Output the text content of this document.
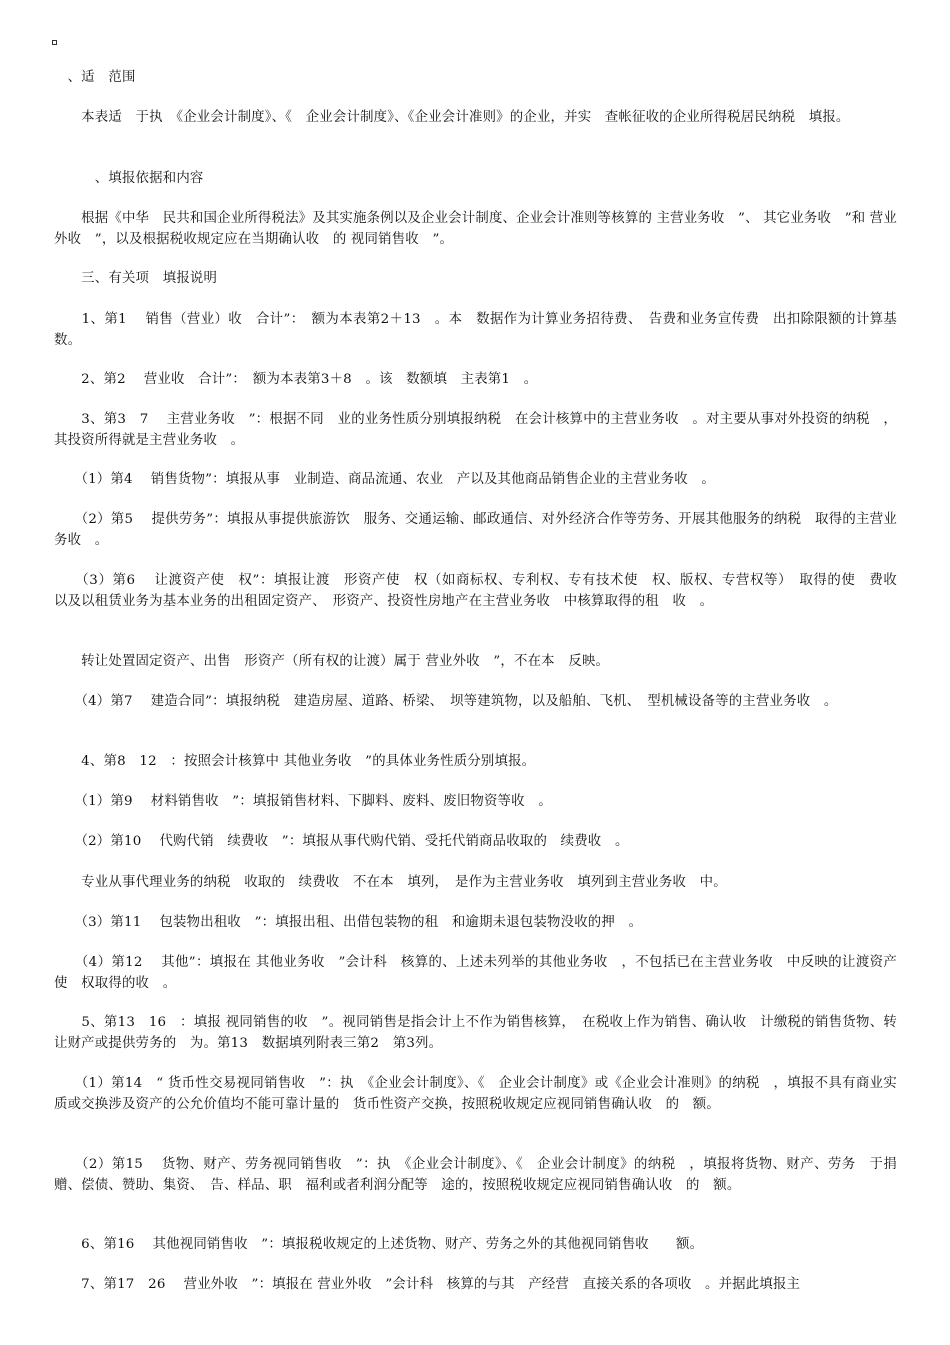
　、适　范围

　　本表适　于执　《企业会计制度》、《　企业会计制度》、《企业会计准则》的企业，并实　查帐征收的企业所得税居民纳税　填报。

　　　、填报依据和内容

　　根据《中华　民共和国企业所得税法》及其实施条例以及企业会计制度、企业会计准则等核算的 主营业务收　”、 其它业务收　”和 营业外收　”，以及根据税收规定应在当期确认收　的 视同销售收　”。

　　三、有关项　填报说明

　　1、第1　 销售（营业）收　合计”：　额为本表第2＋13　。本　数据作为计算业务招待费、　告费和业务宣传费　出扣除限额的计算基数。

　　2、第2　 营业收　合计”：　额为本表第3＋8　。该　数额填　主表第1　。

　　3、第3　7　 主营业务收　”：根据不同　业的业务性质分别填报纳税　在会计核算中的主营业务收　。对主要从事对外投资的纳税　，其投资所得就是主营业务收　。

　　（1）第4　 销售货物”：填报从事　业制造、商品流通、农业　产以及其他商品销售企业的主营业务收　。

　　（2）第5　 提供劳务”：填报从事提供旅游饮　服务、交通运输、邮政通信、对外经济合作等劳务、开展其他服务的纳税　取得的主营业务收　。

　　（3）第6　 让渡资产使　权”：填报让渡　形资产使　权（如商标权、专利权、专有技术使　权、版权、专营权等）　取得的使　费收　以及以租赁业务为基本业务的出租固定资产、　形资产、投资性房地产在主营业务收　中核算取得的租　收　。

　　转让处置固定资产、出售　形资产（所有权的让渡）属于 营业外收　”，不在本　反映。

　　（4）第7　 建造合同”：填报纳税　建造房屋、道路、桥梁、　坝等建筑物，以及船舶、飞机、　型机械设备等的主营业务收　。

　　4、第8　12　：按照会计核算中 其他业务收　”的具体业务性质分别填报。

　　（1）第9　 材料销售收　”：填报销售材料、下脚料、废料、废旧物资等收　。

　　（2）第10　 代购代销　续费收　”：填报从事代购代销、受托代销商品收取的　续费收　。

　　专业从事代理业务的纳税　收取的　续费收　不在本　填列，　是作为主营业务收　填列到主营业务收　中。

　　（3）第11　 包装物出租收　”：填报出租、出借包装物的租　和逾期未退包装物没收的押　。

　　（4）第12　 其他”：填报在 其他业务收　”会计科　核算的、上述未列举的其他业务收　，不包括已在主营业务收　中反映的让渡资产使　权取得的收　。

　　5、第13　16　：填报 视同销售的收　”。视同销售是指会计上不作为销售核算，　在税收上作为销售、确认收　计缴税的销售货物、转让财产或提供劳务的　为。第13　数据填列附表三第2　第3列。

　　（1）第14　“ 货币性交易视同销售收　”：执　《企业会计制度》、《　企业会计制度》或《企业会计准则》的纳税　，填报不具有商业实质或交换涉及资产的公允价值均不能可靠计量的　货币性资产交换，按照税收规定应视同销售确认收　的　额。

　　（2）第15　 货物、财产、劳务视同销售收　”：执　《企业会计制度》、《　企业会计制度》的纳税　，填报将货物、财产、劳务　于捐赠、偿债、赞助、集资、　告、样品、职　福利或者利润分配等　途的，按照税收规定应视同销售确认收　的　额。

　　6、第16　 其他视同销售收　”：填报税收规定的上述货物、财产、劳务之外的其他视同销售收　　额。

　　7、第17　26　 营业外收　”：填报在 营业外收　”会计科　核算的与其　产经营　直接关系的各项收　。并据此填报主
